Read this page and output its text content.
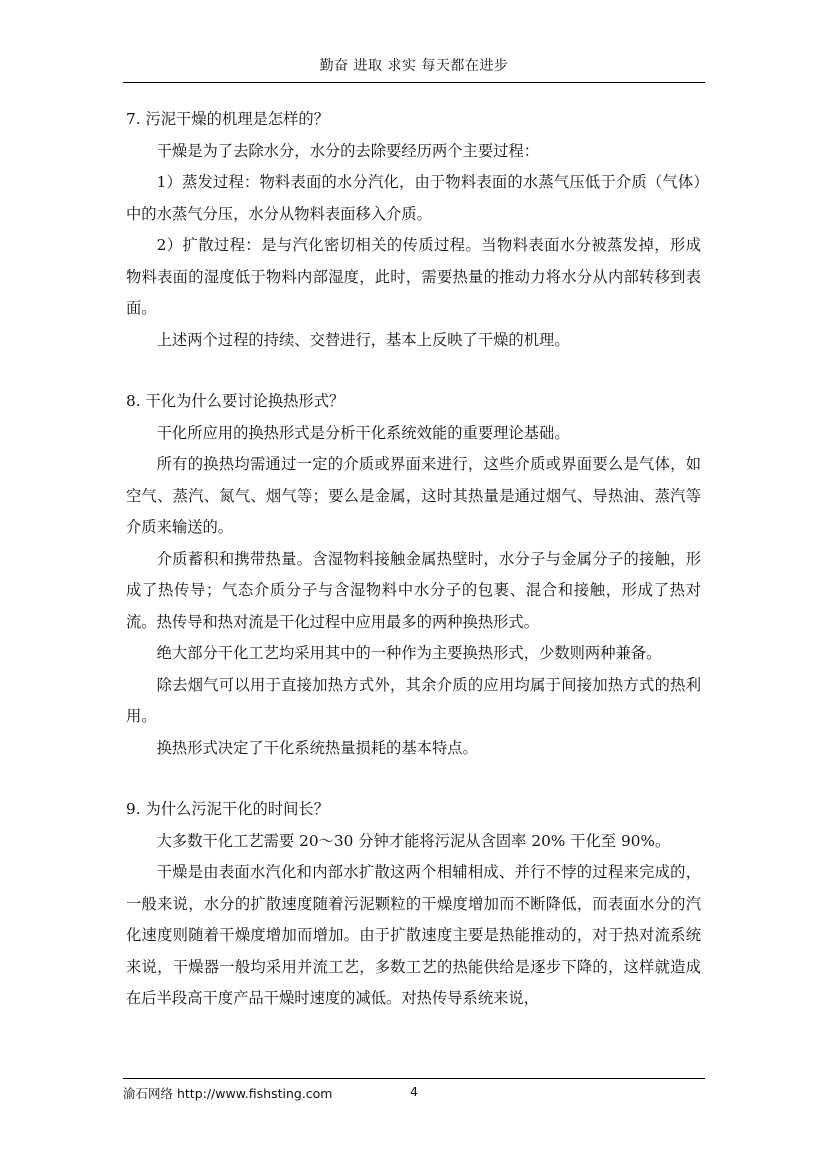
勤奋 进取 求实 每天都在进步

7. 污泥干燥的机理是怎样的？

干燥是为了去除水分，水分的去除要经历两个主要过程：

1）蒸发过程：物料表面的水分汽化，由于物料表面的水蒸气压低于介质（气体）中的水蒸气分压，水分从物料表面移入介质。

2）扩散过程：是与汽化密切相关的传质过程。当物料表面水分被蒸发掉，形成物料表面的湿度低于物料内部湿度，此时，需要热量的推动力将水分从内部转移到表面。

上述两个过程的持续、交替进行，基本上反映了干燥的机理。

8. 干化为什么要讨论换热形式？

干化所应用的换热形式是分析干化系统效能的重要理论基础。

所有的换热均需通过一定的介质或界面来进行，这些介质或界面要么是气体，如空气、蒸汽、氮气、烟气等；要么是金属，这时其热量是通过烟气、导热油、蒸汽等介质来输送的。

介质蓄积和携带热量。含湿物料接触金属热壁时，水分子与金属分子的接触，形成了热传导；气态介质分子与含湿物料中水分子的包裹、混合和接触，形成了热对流。热传导和热对流是干化过程中应用最多的两种换热形式。

绝大部分干化工艺均采用其中的一种作为主要换热形式，少数则两种兼备。

除去烟气可以用于直接加热方式外，其余介质的应用均属于间接加热方式的热利用。

换热形式决定了干化系统热量损耗的基本特点。

9. 为什么污泥干化的时间长？

大多数干化工艺需要 20～30 分钟才能将污泥从含固率 20% 干化至 90%。

干燥是由表面水汽化和内部水扩散这两个相辅相成、并行不悖的过程来完成的，一般来说，水分的扩散速度随着污泥颗粒的干燥度增加而不断降低，而表面水分的汽化速度则随着干燥度增加而增加。由于扩散速度主要是热能推动的，对于热对流系统来说，干燥器一般均采用并流工艺，多数工艺的热能供给是逐步下降的，这样就造成在后半段高干度产品干燥时速度的减低。对热传导系统来说，

渝石网络 http://www.fishsting.com	4
